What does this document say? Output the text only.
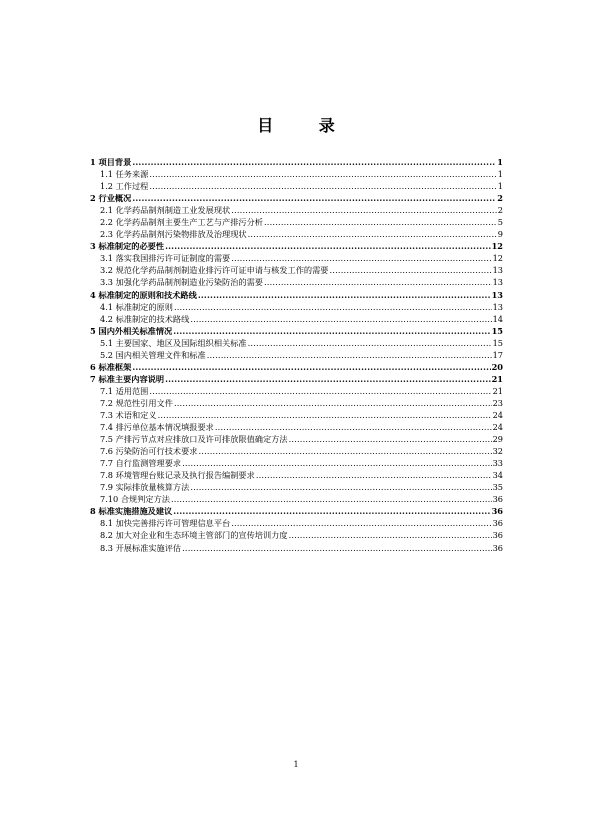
目 录
1 项目背景 .....	1
1.1 任务来源 .....	1
1.2 工作过程 .....	1
2 行业概况 .....	2
2.1 化学药品制剂制造工业发展现状 .....	2
2.2 化学药品制剂主要生产工艺与产排污分析 .....	5
2.3 化学药品制剂污染物排放及治理现状 .....	9
3 标准制定的必要性 .....	12
3.1 落实我国排污许可证制度的需要 .....	12
3.2 规范化学药品制剂制造业排污许可证申请与核发工作的需要 .....	13
3.3 加强化学药品制剂制造业污染防治的需要 .....	13
4 标准制定的原则和技术路线 .....	13
4.1 标准制定的原则 .....	13
4.2 标准制定的技术路线 .....	14
5 国内外相关标准情况 .....	15
5.1 主要国家、地区及国际组织相关标准 .....	15
5.2 国内相关管理文件和标准 .....	17
6 标准框架 .....	20
7 标准主要内容说明 .....	21
7.1 适用范围 .....	21
7.2 规范性引用文件 .....	23
7.3 术语和定义 .....	24
7.4 排污单位基本情况填报要求 .....	24
7.5 产排污节点对应排放口及许可排放限值确定方法 .....	29
7.6 污染防治可行技术要求 .....	32
7.7 自行监测管理要求 .....	33
7.8 环境管理台账记录及执行报告编制要求 .....	34
7.9 实际排放量核算方法 .....	35
7.10 合规判定方法 .....	36
8 标准实施措施及建议 .....	36
8.1 加快完善排污许可管理信息平台 .....	36
8.2 加大对企业和生态环境主管部门的宣传培训力度 .....	36
8.3 开展标准实施评估 .....	36
1
